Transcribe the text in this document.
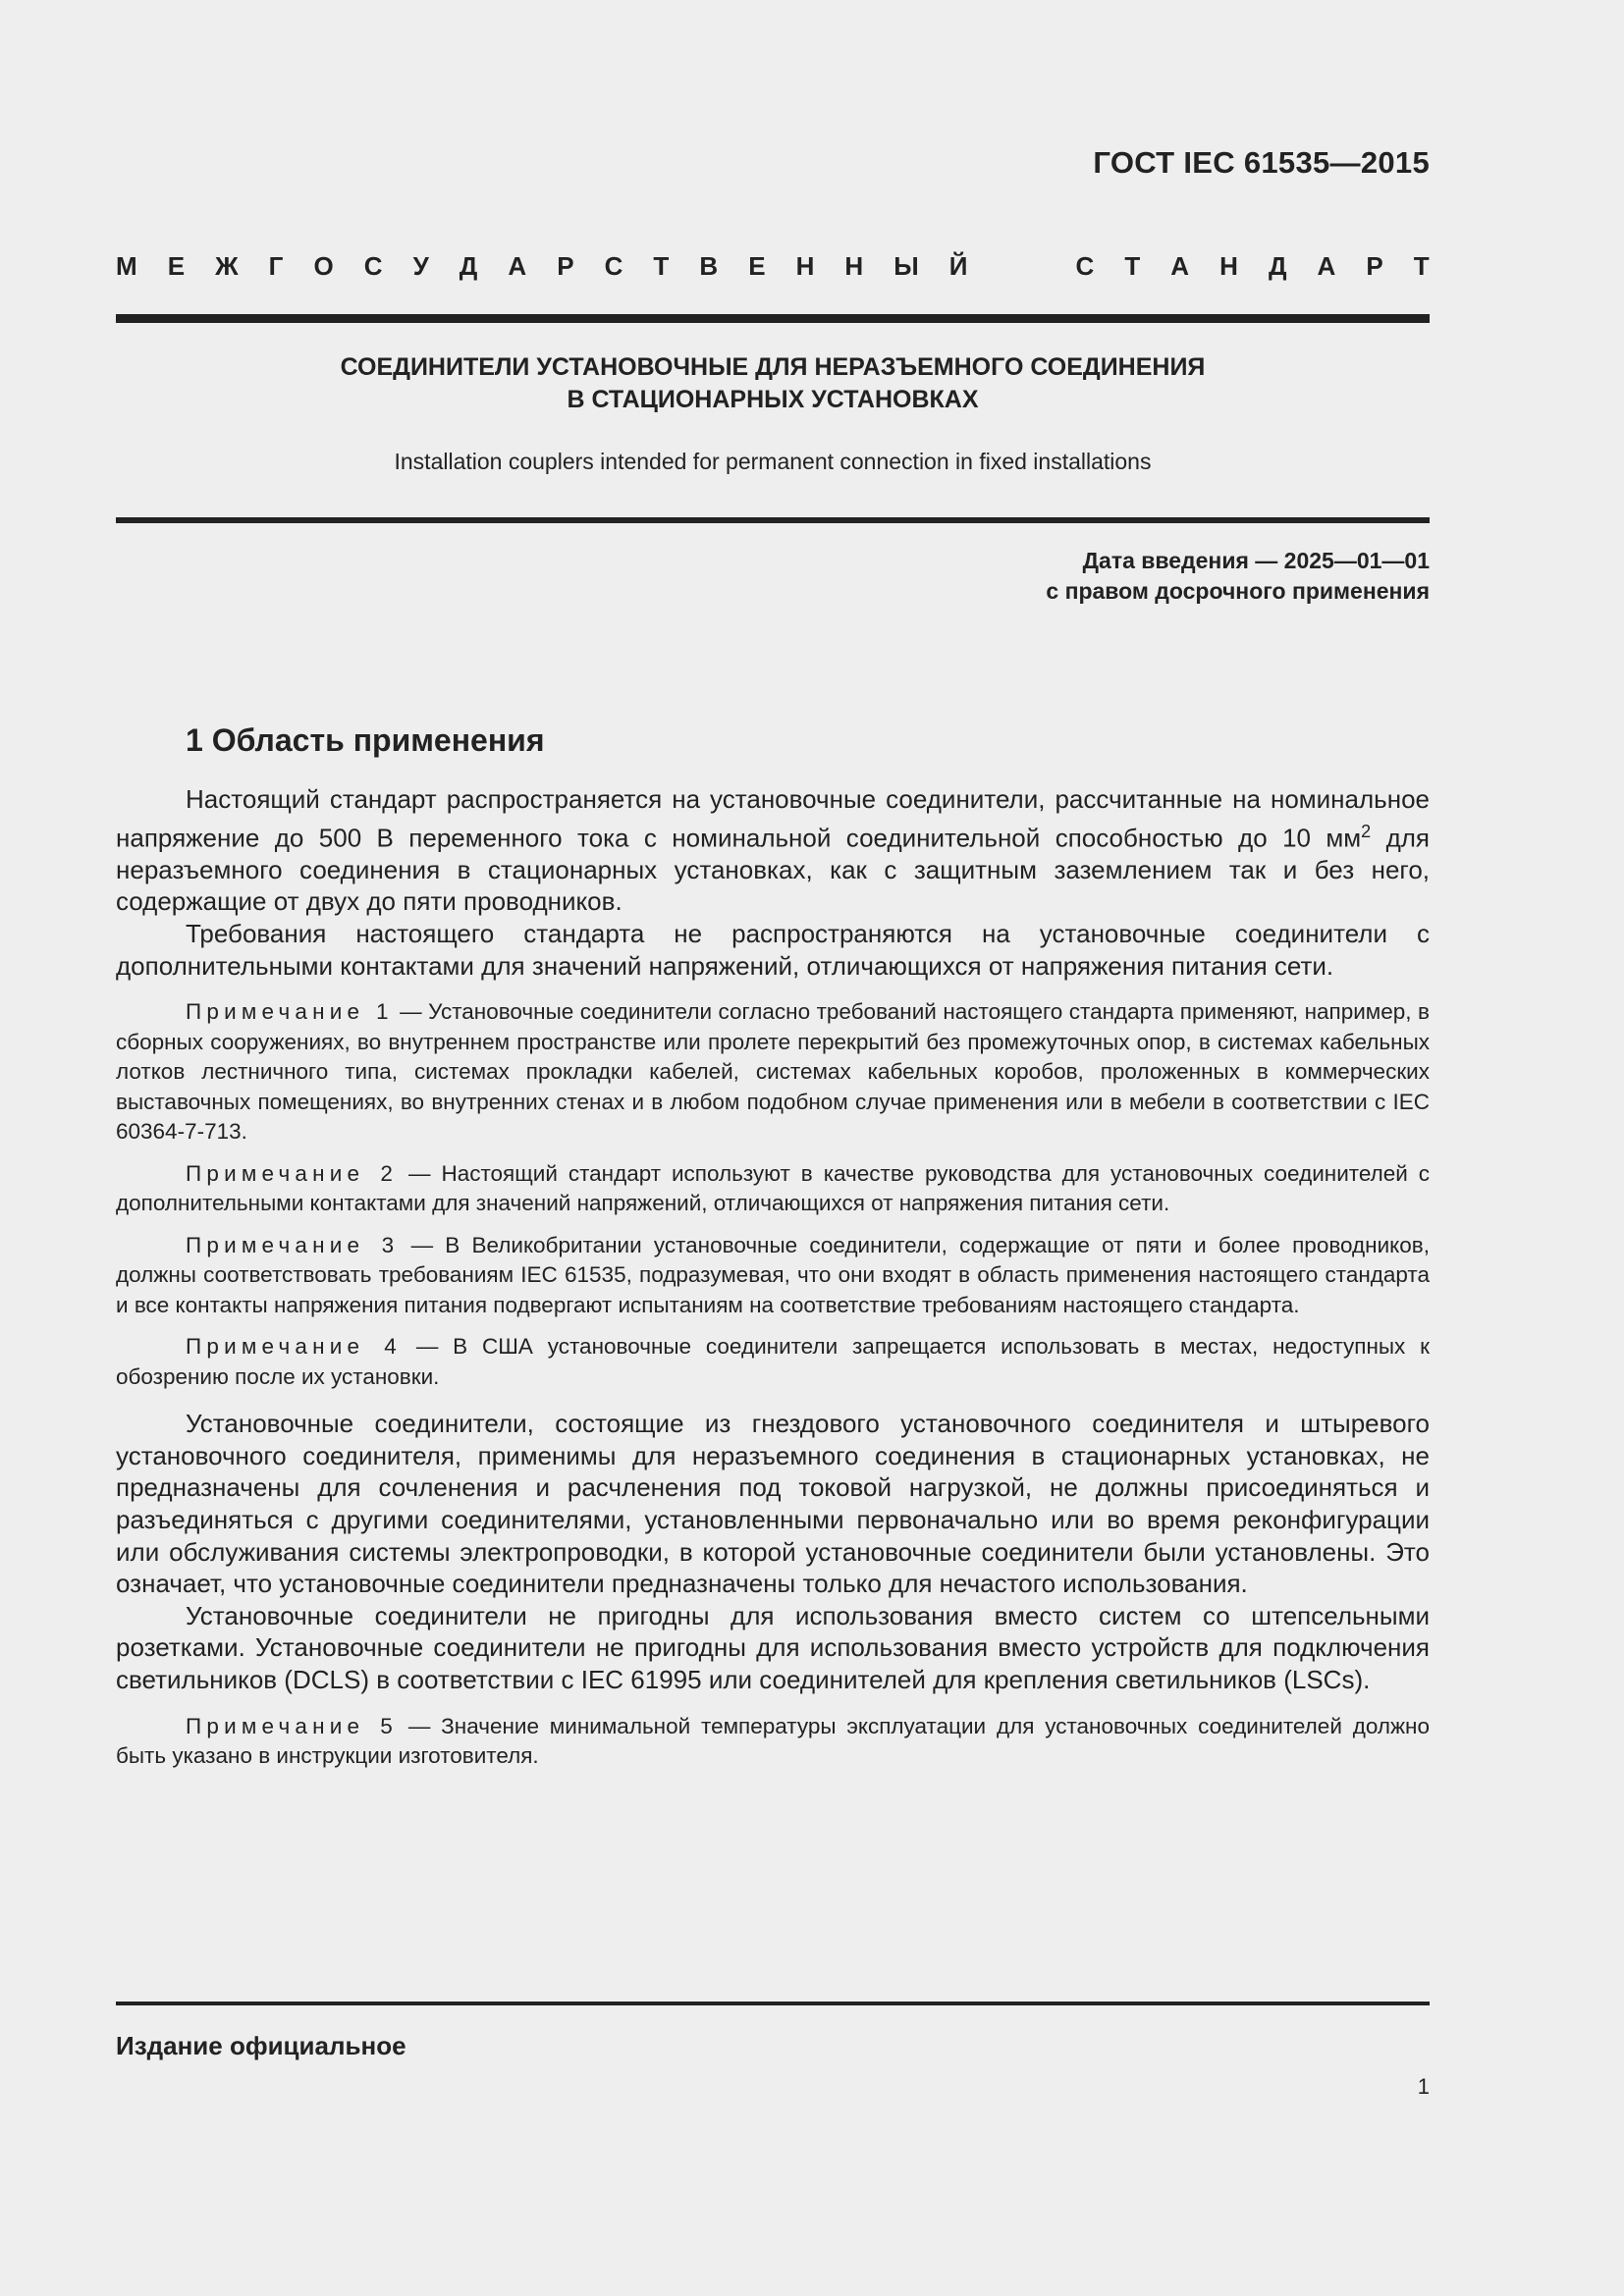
ГОСТ IEC 61535—2015
М Е Ж Г О С У Д А Р С Т В Е Н Н Ы Й	С Т А Н Д А Р Т
СОЕДИНИТЕЛИ УСТАНОВОЧНЫЕ ДЛЯ НЕРАЗЪЕМНОГО СОЕДИНЕНИЯ
В СТАЦИОНАРНЫХ УСТАНОВКАХ
Installation couplers intended for permanent connection in fixed installations
Дата введения — 2025—01—01
с правом досрочного применения
1 Область применения

Настоящий стандарт распространяется на установочные соединители, рассчитанные на номинальное напряжение до 500 В переменного тока с номинальной соединительной способностью до 10 $мм^2$ для неразъемного соединения в стационарных установках, как с защитным заземлением так и без него, содержащие от двух до пяти проводников.

Требования настоящего стандарта не распространяются на установочные соединители с дополнительными контактами для значений напряжений, отличающихся от напряжения питания сети.

Примечание 1 — Установочные соединители согласно требований настоящего стандарта применяют, например, в сборных сооружениях, во внутреннем пространстве или пролете перекрытий без промежуточных опор, в системах кабельных лотков лестничного типа, системах прокладки кабелей, системах кабельных коробов, проложенных в коммерческих выставочных помещениях, во внутренних стенах и в любом подобном случае применения или в мебели в соответствии с IEC 60364-7-713.

Примечание 2 — Настоящий стандарт используют в качестве руководства для установочных соединителей с дополнительными контактами для значений напряжений, отличающихся от напряжения питания сети.

Примечание 3 — В Великобритании установочные соединители, содержащие от пяти и более проводников, должны соответствовать требованиям IEC 61535, подразумевая, что они входят в область применения настоящего стандарта и все контакты напряжения питания подвергают испытаниям на соответствие требованиям настоящего стандарта.

Примечание 4 — В США установочные соединители запрещается использовать в местах, недоступных к обозрению после их установки.

Установочные соединители, состоящие из гнездового установочного соединителя и штыревого установочного соединителя, применимы для неразъемного соединения в стационарных установках, не предназначены для сочленения и расчленения под токовой нагрузкой, не должны присоединяться и разъединяться с другими соединителями, установленными первоначально или во время реконфигурации или обслуживания системы электропроводки, в которой установочные соединители были установлены. Это означает, что установочные соединители предназначены только для нечастого использования.

Установочные соединители не пригодны для использования вместо систем со штепсельными розетками. Установочные соединители не пригодны для использования вместо устройств для подключения светильников (DCLS) в соответствии с IEC 61995 или соединителей для крепления светильников (LSCs).

Примечание 5 — Значение минимальной температуры эксплуатации для установочных соединителей должно быть указано в инструкции изготовителя.

Издание официальное
1
